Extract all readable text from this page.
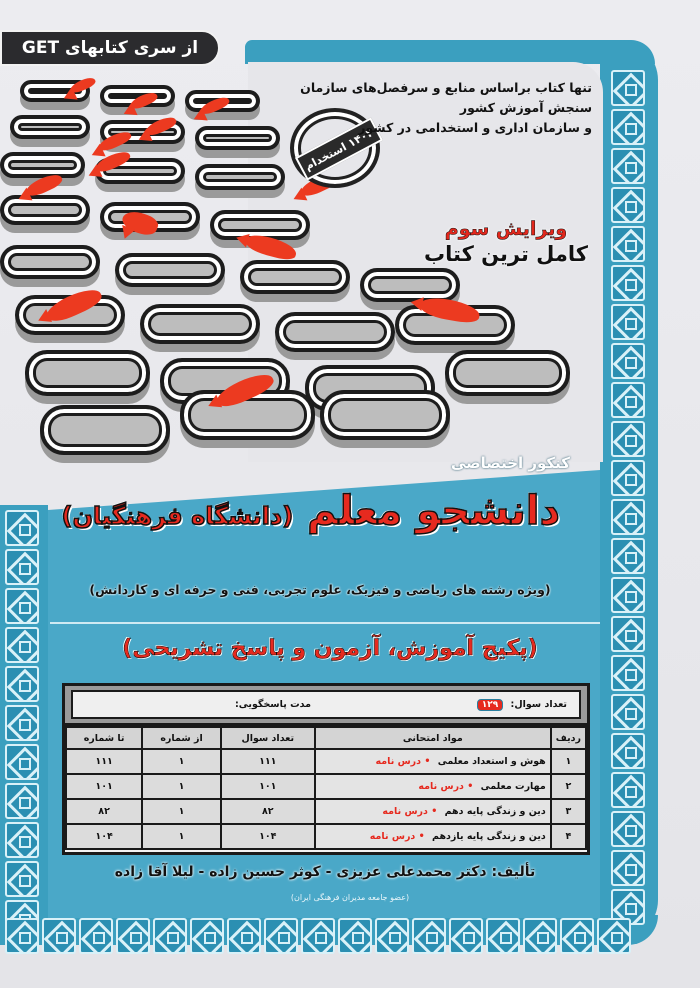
از سری کتابهای GET
۱۴۰۲ استخدام
تنها کتاب براساس منابع و سرفصل‌های سازمان سنجش آموزش کشور
و سازمان اداری و استخدامی در کشور
ویرایش سوم
کامل ترین کتاب
کنکور اختصاصی
دانشجو معلم (دانشگاه فرهنگیان)
(ویژه رشته های ریاضی و فیزیک، علوم تجربی، فنی و حرفه ای و کاردانش)
(پکیج آموزش، آزمون و پاسخ تشریحی)
تعداد سوال: ۱۲۹
مدت پاسخگویی:
ردیف	مواد امتحانی	تعداد سوال	از شماره	تا شماره
۱	هوش و استعداد معلمی • درس نامه	۱۱۱	۱	۱۱۱
۲	مهارت معلمی • درس نامه	۱۰۱	۱	۱۰۱
۳	دین و زندگی پایه دهم • درس نامه	۸۲	۱	۸۲
۴	دین و زندگی پایه یازدهم • درس نامه	۱۰۴	۱	۱۰۴
تألیف: دکتر محمدعلی عزیزی - کوثر حسین زاده - لیلا آقا زاده
(عضو جامعه مدیران فرهنگی ایران)
